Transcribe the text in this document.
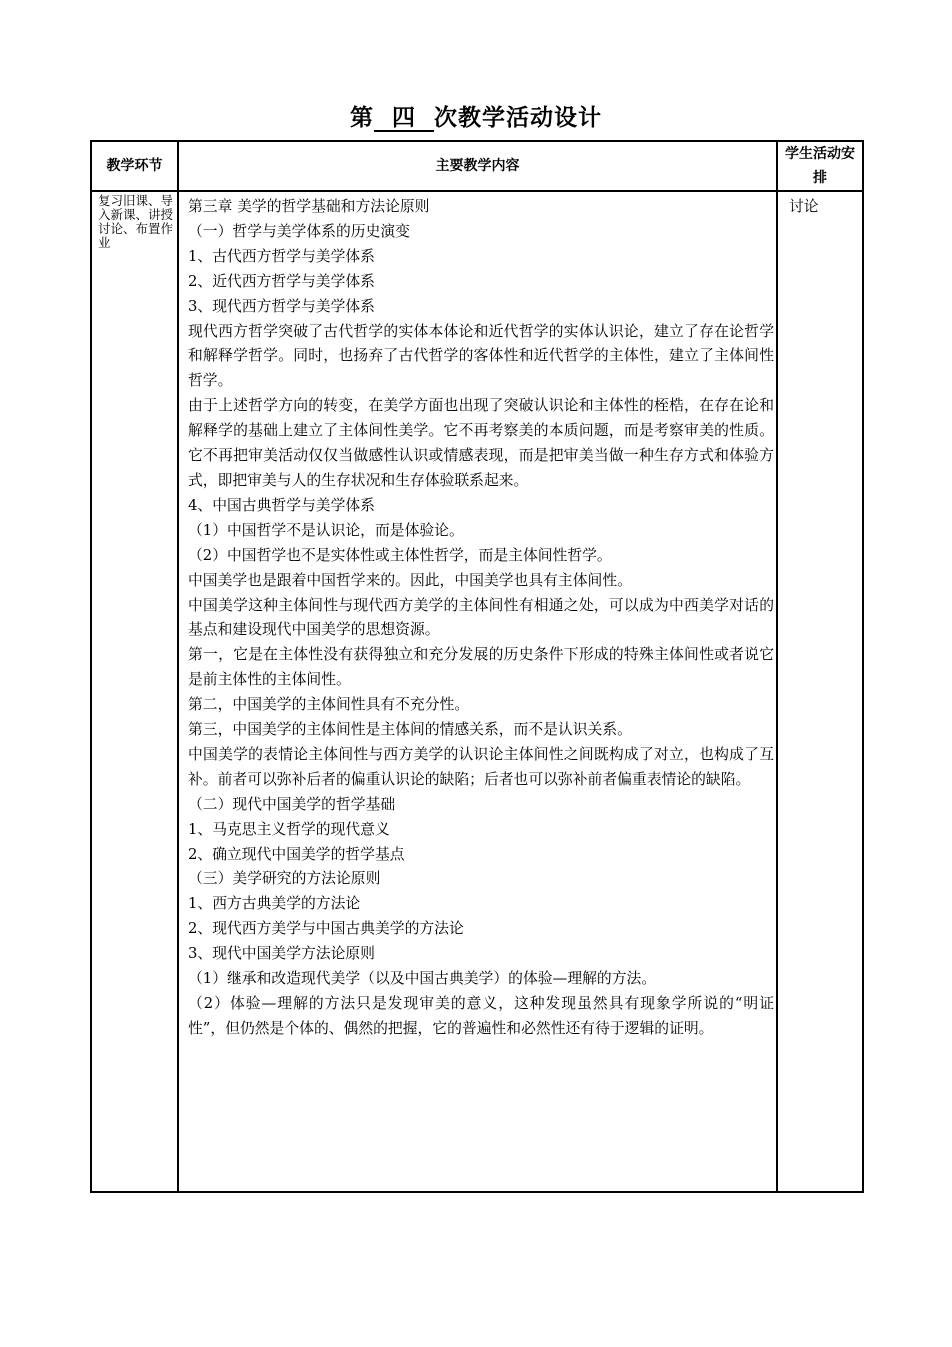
第 四 次教学活动设计
教学环节	主要教学内容
学生活动安排
复习旧课、导入新课、讲授讨论、布置作业

第三章 美学的哲学基础和方法论原则

（一）哲学与美学体系的历史演变

1、古代西方哲学与美学体系

2、近代西方哲学与美学体系

3、现代西方哲学与美学体系

现代西方哲学突破了古代哲学的实体本体论和近代哲学的实体认识论，建立了存在论哲学和解释学哲学。同时，也扬弃了古代哲学的客体性和近代哲学的主体性，建立了主体间性哲学。

由于上述哲学方向的转变，在美学方面也出现了突破认识论和主体性的桎梏，在存在论和解释学的基础上建立了主体间性美学。它不再考察美的本质问题，而是考察审美的性质。它不再把审美活动仅仅当做感性认识或情感表现，而是把审美当做一种生存方式和体验方式，即把审美与人的生存状况和生存体验联系起来。

4、中国古典哲学与美学体系

（1）中国哲学不是认识论，而是体验论。

（2）中国哲学也不是实体性或主体性哲学，而是主体间性哲学。

中国美学也是跟着中国哲学来的。因此，中国美学也具有主体间性。

中国美学这种主体间性与现代西方美学的主体间性有相通之处，可以成为中西美学对话的基点和建设现代中国美学的思想资源。

第一，它是在主体性没有获得独立和充分发展的历史条件下形成的特殊主体间性或者说它是前主体性的主体间性。

第二，中国美学的主体间性具有不充分性。

第三，中国美学的主体间性是主体间的情感关系，而不是认识关系。

中国美学的表情论主体间性与西方美学的认识论主体间性之间既构成了对立，也构成了互补。前者可以弥补后者的偏重认识论的缺陷；后者也可以弥补前者偏重表情论的缺陷。

（二）现代中国美学的哲学基础

1、马克思主义哲学的现代意义

2、确立现代中国美学的哲学基点

（三）美学研究的方法论原则

1、西方古典美学的方法论

2、现代西方美学与中国古典美学的方法论

3、现代中国美学方法论原则

（1）继承和改造现代美学（以及中国古典美学）的体验—理解的方法。

（2）体验—理解的方法只是发现审美的意义，这种发现虽然具有现象学所说的“明证性”，但仍然是个体的、偶然的把握，它的普遍性和必然性还有待于逻辑的证明。

讨论
